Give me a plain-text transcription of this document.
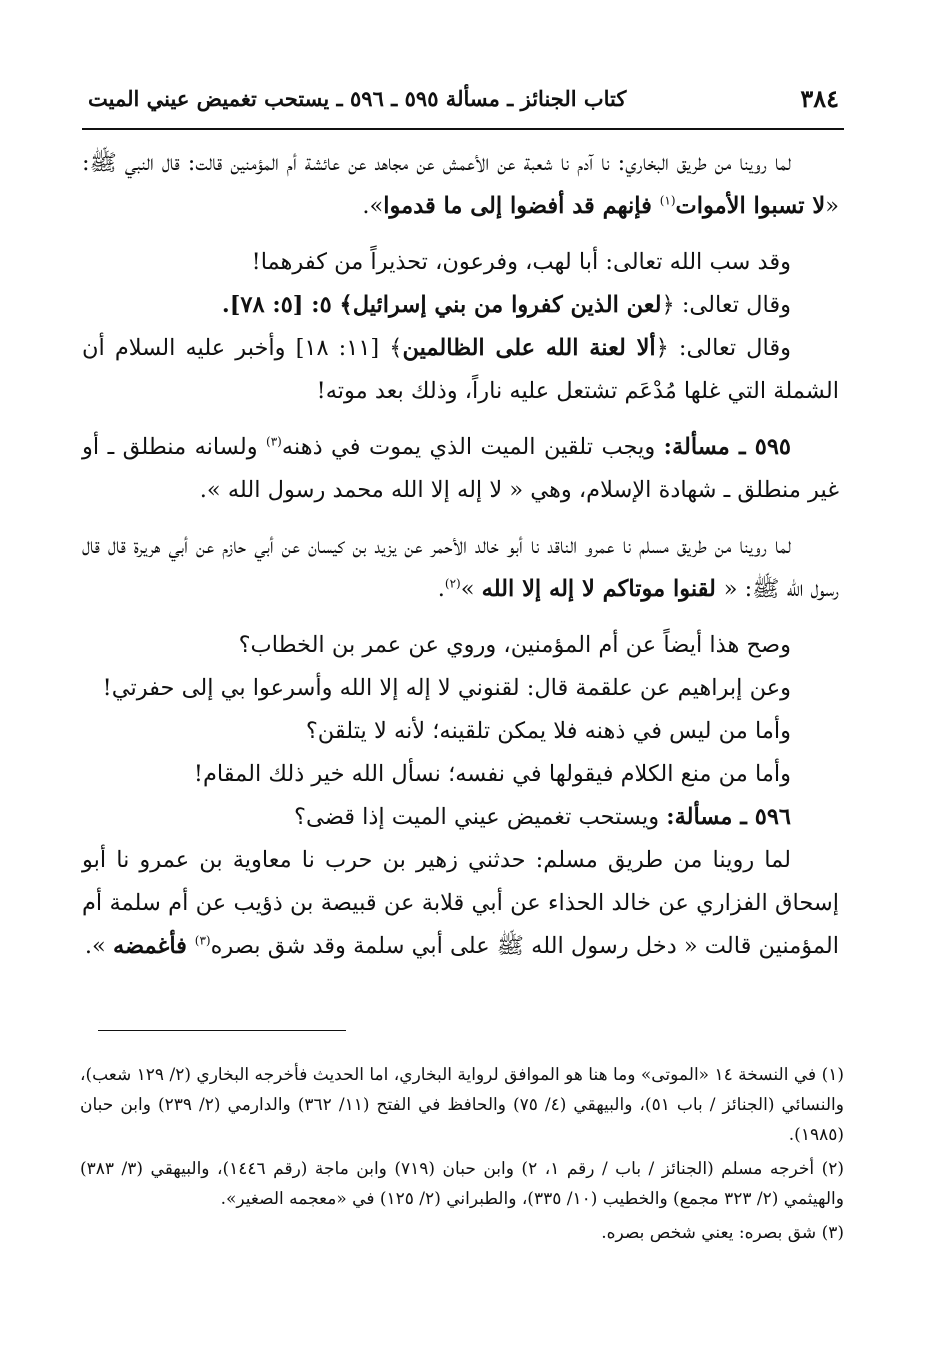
٣٨٤
كتاب الجنائز ـ مسألة ٥٩٥ ـ ٥٩٦ ـ يستحب تغميض عيني الميت

لما روينا من طريق البخاري: نا آدم نا شعبة عن الأعمش عن مجاهد عن عائشة أم المؤمنين قالت: قال النبي ﷺ: «لا تسبوا الأموات$^{(١)}$ فإنهم قد أفضوا إلى ما قدموا».

وقد سب الله تعالى: أبا لهب، وفرعون، تحذيراً من كفرهما!

وقال تعالى: ﴿لعن الذين كفروا من بني إسرائيل﴾ ٥: [٥: ٧٨].

وقال تعالى: ﴿ألا لعنة الله على الظالمين﴾ [١١: ١٨] وأخبر عليه السلام أن الشملة التي غلها مُدْعَم تشتعل عليه ناراً، وذلك بعد موته!

٥٩٥ ـ مسألة: ويجب تلقين الميت الذي يموت في ذهنه$^{(٣)}$ ولسانه منطلق ـ أو غير منطلق ـ شهادة الإسلام، وهي « لا إله إلا الله محمد رسول الله ».

لما روينا من طريق مسلم نا عمرو الناقد نا أبو خالد الأحمر عن يزيد بن كيسان عن أبي حازم عن أبي هريرة قال قال رسول الله ﷺ: « لقنوا موتاكم لا إله إلا الله »$^{(٢)}$.

وصح هذا أيضاً عن أم المؤمنين، وروي عن عمر بن الخطاب؟

وعن إبراهيم عن علقمة قال: لقنوني لا إله إلا الله وأسرعوا بي إلى حفرتي!

وأما من ليس في ذهنه فلا يمكن تلقينه؛ لأنه لا يتلقن؟

وأما من منع الكلام فيقولها في نفسه؛ نسأل الله خير ذلك المقام!

٥٩٦ ـ مسألة: ويستحب تغميض عيني الميت إذا قضى؟

لما روينا من طريق مسلم: حدثني زهير بن حرب نا معاوية بن عمرو نا أبو إسحاق الفزاري عن خالد الحذاء عن أبي قلابة عن قبيصة بن ذؤيب عن أم سلمة أم المؤمنين قالت « دخل رسول الله ﷺ على أبي سلمة وقد شق بصره$^{(٣)}$ فأغمضه ».

(١) في النسخة ١٤ «الموتى» وما هنا هو الموافق لرواية البخاري، اما الحديث فأخرجه البخاري (٢/ ١٢٩ شعب)، والنسائي (الجنائز / باب ٥١)، والبيهقي (٤/ ٧٥) والحافظ في الفتح (١١/ ٣٦٢) والدارمي (٢/ ٢٣٩) وابن حبان (١٩٨٥).

(٢) أخرجه مسلم (الجنائز / باب / رقم ١، ٢) وابن حبان (٧١٩) وابن ماجة (رقم ١٤٤٦)، والبيهقي (٣/ ٣٨٣) والهيثمي (٢/ ٣٢٣ مجمع) والخطيب (١٠/ ٣٣٥)، والطبراني (٢/ ١٢٥) في «معجمه الصغير».

(٣) شق بصره: يعني شخص بصره.
